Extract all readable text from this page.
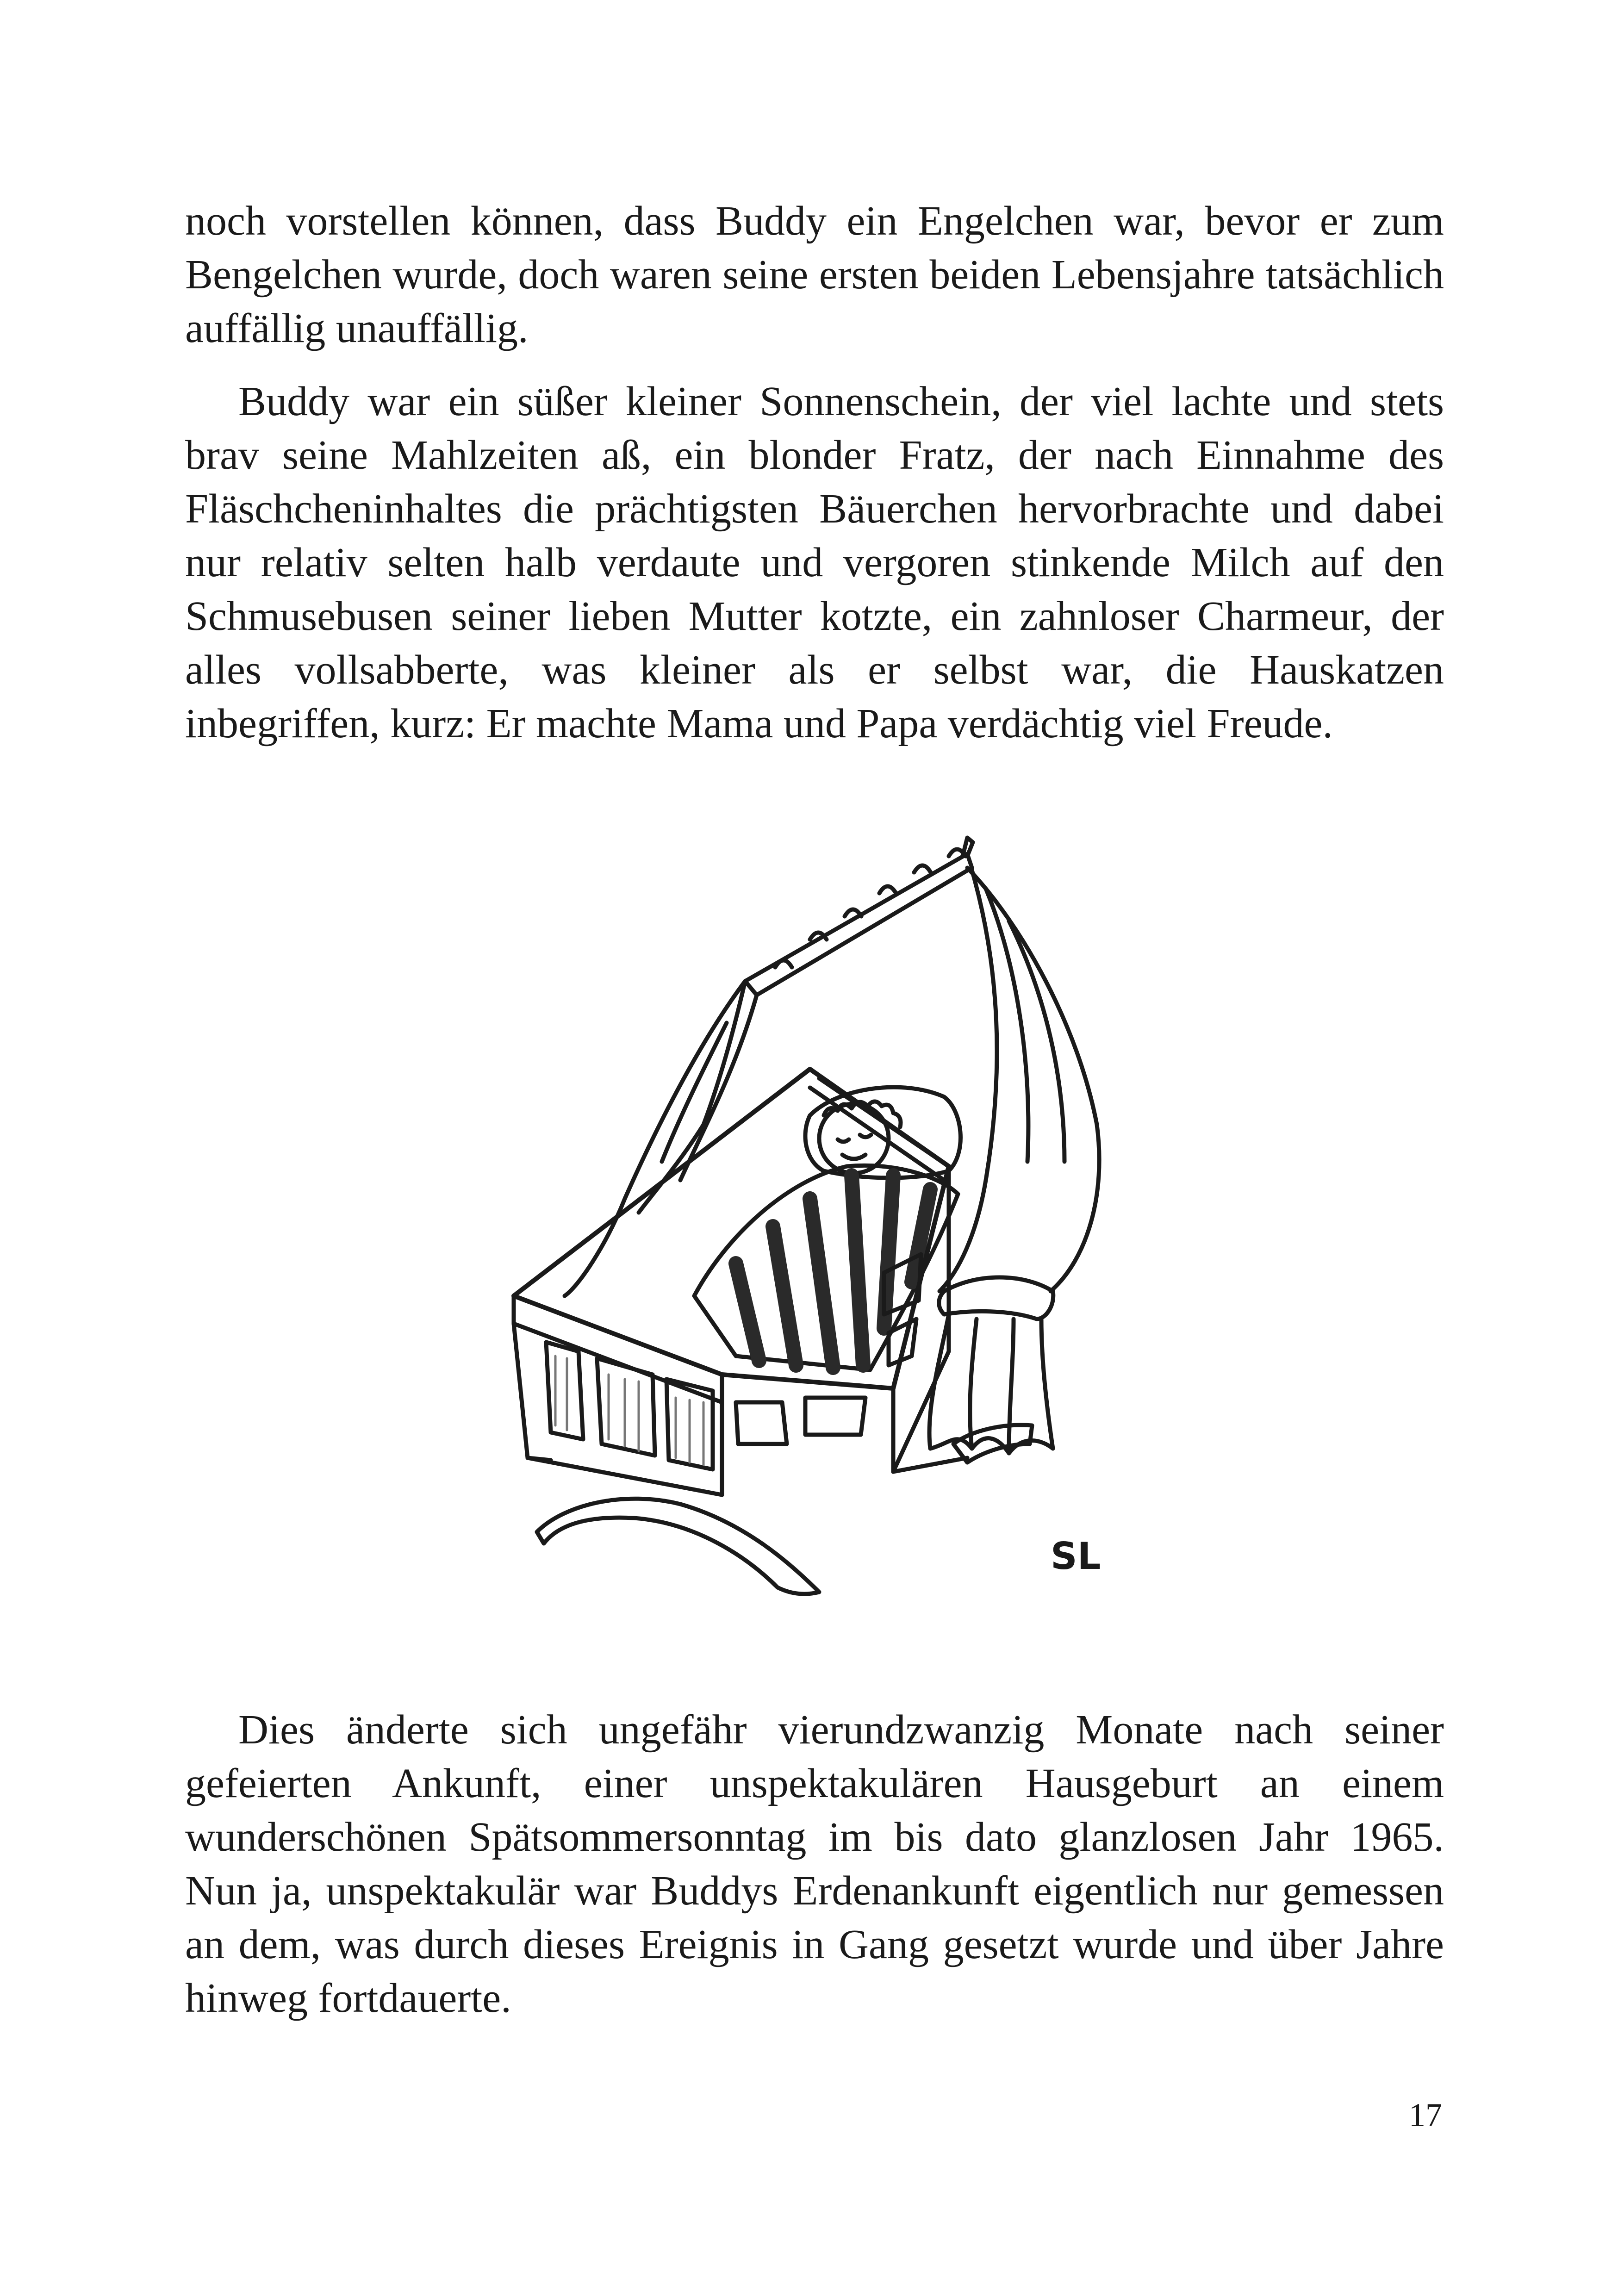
noch vorstellen können, dass Buddy ein Engelchen war, bevor er zum Bengelchen wurde, doch waren seine ersten beiden Lebensjahre tatsächlich auffällig unauffällig.

Buddy war ein süßer kleiner Sonnenschein, der viel lachte und stets brav seine Mahlzeiten aß, ein blonder Fratz, der nach Einnahme des Fläschcheninhaltes die prächtigsten Bäuerchen hervorbrachte und dabei nur relativ selten halb verdaute und vergoren stinkende Milch auf den Schmusebusen seiner lieben Mutter kotzte, ein zahnloser Charmeur, der alles vollsabberte, was kleiner als er selbst war, die Hauskatzen inbegriffen, kurz: Er machte Mama und Papa verdächtig viel Freude.

SL

Dies änderte sich ungefähr vierundzwanzig Monate nach seiner gefeierten Ankunft, einer unspektakulären Hausgeburt an einem wunderschönen Spätsommersonntag im bis dato glanzlosen Jahr 1965. Nun ja, unspektakulär war Buddys Erdenankunft eigentlich nur gemessen an dem, was durch dieses Ereignis in Gang gesetzt wurde und über Jahre hinweg fortdauerte.

17
